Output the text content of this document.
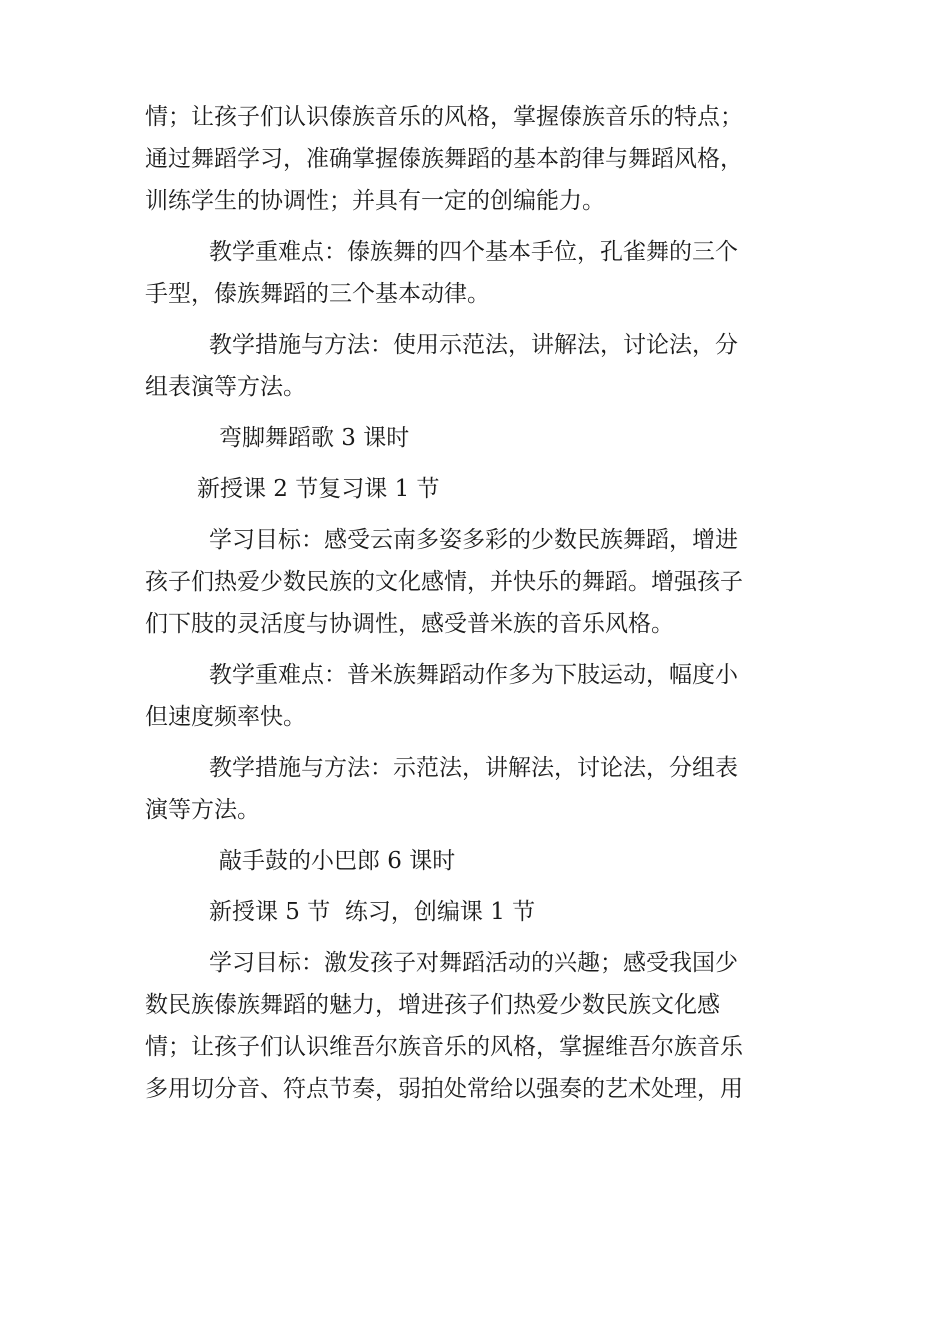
情；让孩子们认识傣族音乐的风格，掌握傣族音乐的特点；
通过舞蹈学习，准确掌握傣族舞蹈的基本韵律与舞蹈风格，
训练学生的协调性；并具有一定的创编能力。
教学重难点：傣族舞的四个基本手位，孔雀舞的三个
手型，傣族舞蹈的三个基本动律。
教学措施与方法：使用示范法，讲解法，讨论法，分
组表演等方法。
弯脚舞蹈歌 3 课时
新授课 2 节复习课 1 节
学习目标：感受云南多姿多彩的少数民族舞蹈，增进
孩子们热爱少数民族的文化感情，并快乐的舞蹈。增强孩子
们下肢的灵活度与协调性，感受普米族的音乐风格。
教学重难点：普米族舞蹈动作多为下肢运动，幅度小
但速度频率快。
教学措施与方法：示范法，讲解法，讨论法，分组表
演等方法。
敲手鼓的小巴郎 6 课时
新授课 5 节  练习，创编课 1 节
学习目标：激发孩子对舞蹈活动的兴趣；感受我国少
数民族傣族舞蹈的魅力，增进孩子们热爱少数民族文化感
情；让孩子们认识维吾尔族音乐的风格，掌握维吾尔族音乐
多用切分音、符点节奏，弱拍处常给以强奏的艺术处理，用
